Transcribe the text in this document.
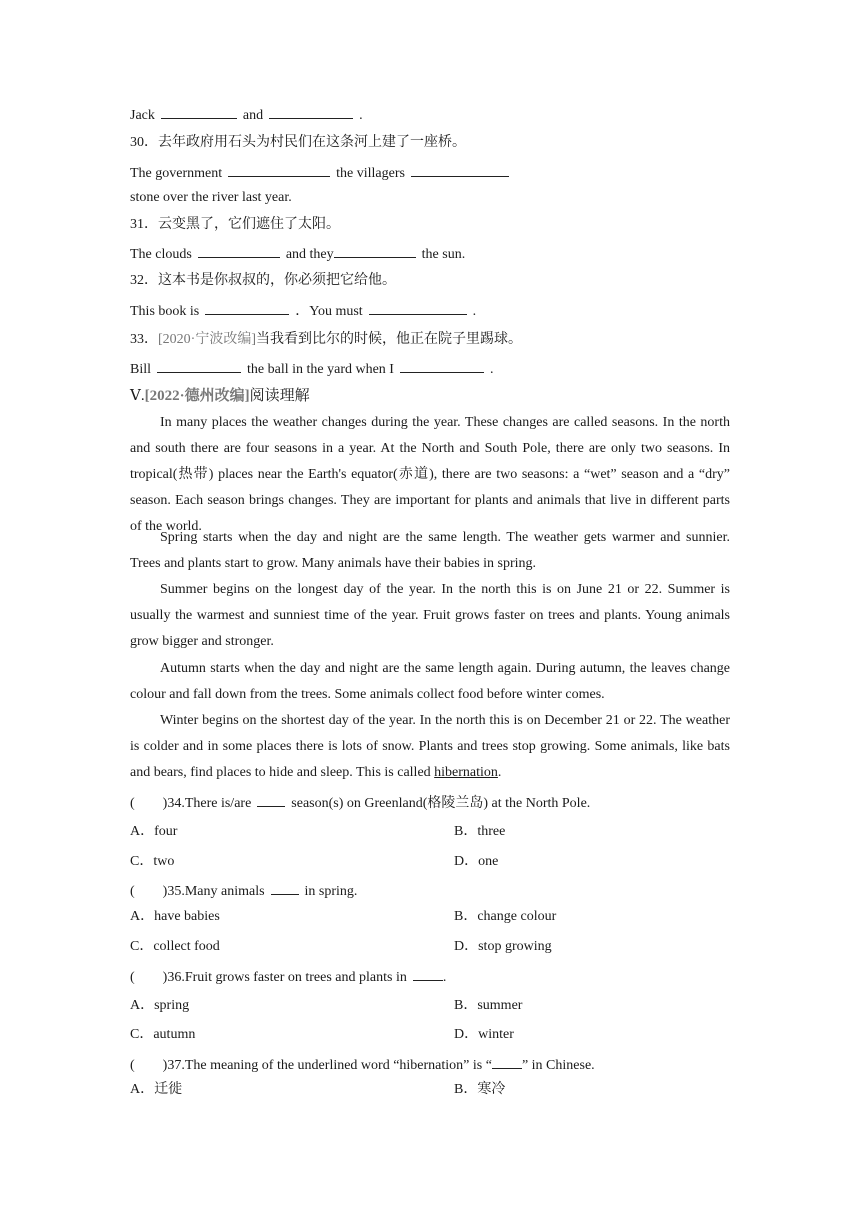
Jack	and	.
30．去年政府用石头为村民们在这条河上建了一座桥。
The government	the villagers
stone over the river last year.
31．云变黑了，它们遮住了太阳。
The clouds	and they	the sun.
32．这本书是你叔叔的，你必须把它给他。
This book is	．You must	.
33．[2020·宁波改编]当我看到比尔的时候，他正在院子里踢球。
Bill	the ball in the yard when I	.
Ⅴ.[2022·德州改编]阅读理解
In many places the weather changes during the year. These changes are called seasons. In the north and south there are four seasons in a year. At the North and South Pole, there are only two seasons. In tropical(热带) places near the Earth's equator(赤道), there are two seasons: a “wet” season and a “dry” season. Each season brings changes. They are important for plants and animals that live in different parts of the world.
Spring starts when the day and night are the same length. The weather gets warmer and sunnier. Trees and plants start to grow. Many animals have their babies in spring.
Summer begins on the longest day of the year. In the north this is on June 21 or 22. Summer is usually the warmest and sunniest time of the year. Fruit grows faster on trees and plants. Young animals grow bigger and stronger.
Autumn starts when the day and night are the same length again. During autumn, the leaves change colour and fall down from the trees. Some animals collect food before winter comes.
Winter begins on the shortest day of the year. In the north this is on December 21 or 22. The weather is colder and in some places there is lots of snow. Plants and trees stop growing. Some animals, like bats and bears, find places to hide and sleep. This is called hibernation.
(　　)34.There is/are	season(s) on Greenland(格陵兰岛) at the North Pole.
A．four	B．three
C．two	D．one
(　　)35.Many animals	in spring.
A．have babies	B．change colour
C．collect food	D．stop growing
(　　)36.Fruit grows faster on trees and plants in	.
A．spring	B．summer
C．autumn	D．winter
(　　)37.The meaning of the underlined word “hibernation” is “ ” in Chinese.
A．迁徙	B．寒冷
